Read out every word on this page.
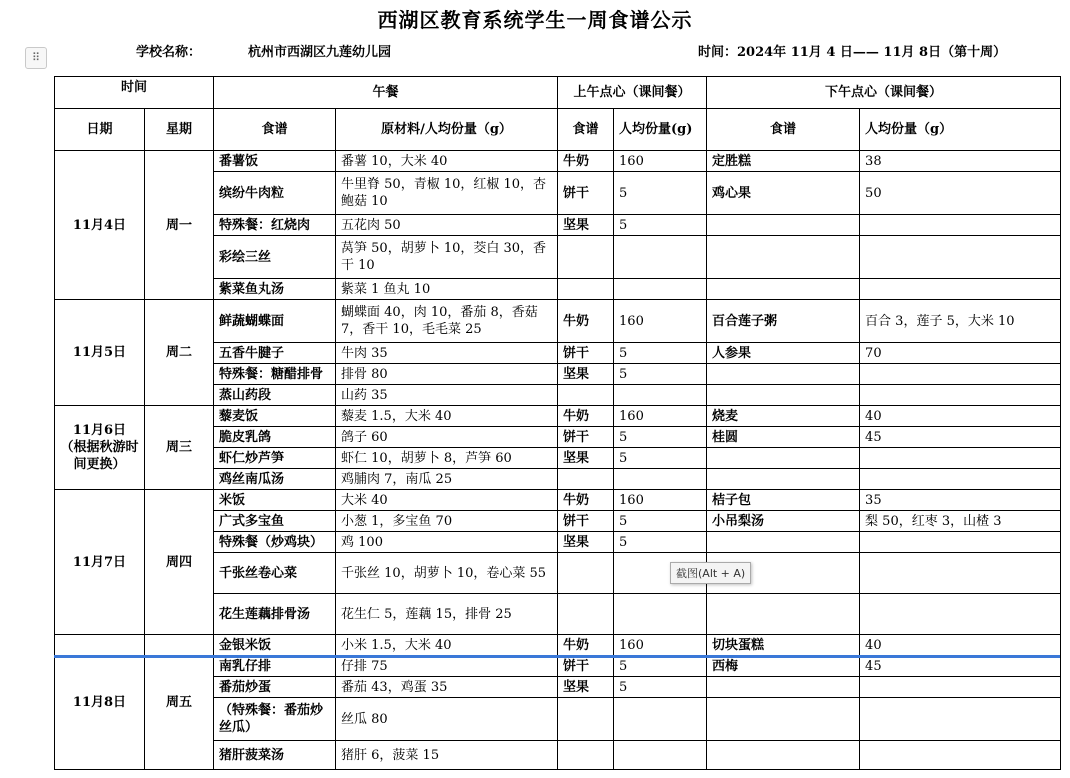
西湖区教育系统学生一周食谱公示
⠿	学校名称：	杭州市西湖区九莲幼儿园	时间：2024年 11月 4 日—— 11月 8日（第十周）
时间		午餐		上午点心（课间餐）		下午点心（课间餐）	
日期	星期	食谱	原材料/人均份量（g）	食谱	人均份量(g)	食谱	人均份量（g）
11月4日	周一	番薯饭	番薯 10，大米 40	牛奶	160	定胜糕	38
		缤纷牛肉粒	牛里脊 50，青椒 10，红椒 10，杏鲍菇 10	饼干	5	鸡心果	50
		特殊餐：红烧肉	五花肉 50	坚果	5		
		彩绘三丝	莴笋 50，胡萝卜 10，茭白 30，香干 10				
		紫菜鱼丸汤	紫菜 1 鱼丸 10				
11月5日	周二	鲜蔬蝴蝶面	蝴蝶面 40，肉 10，番茄 8，香菇 7，香干 10，毛毛菜 25	牛奶	160	百合莲子粥	百合 3，莲子 5，大米 10
		五香牛腱子	牛肉 35	饼干	5	人参果	70
		特殊餐：糖醋排骨	排骨 80	坚果	5		
		蒸山药段	山药 35				
11月6日（根据秋游时间更换）	周三	藜麦饭	藜麦 1.5，大米 40	牛奶	160	烧麦	40
		脆皮乳鸽	鸽子 60	饼干	5	桂圆	45
		虾仁炒芦笋	虾仁 10，胡萝卜 8，芦笋 60	坚果	5		
		鸡丝南瓜汤	鸡脯肉 7，南瓜 25				
11月7日	周四	米饭	大米 40	牛奶	160	桔子包	35
		广式多宝鱼	小葱 1，多宝鱼 70	饼干	5	小吊梨汤	梨 50，红枣 3，山楂 3
		特殊餐（炒鸡块）	鸡 100	坚果	5		
		千张丝卷心菜	千张丝 10，胡萝卜 10，卷心菜 55				
		花生莲藕排骨汤	花生仁 5，莲藕 15，排骨 25				
11月8日	周五	金银米饭	小米 1.5，大米 40	牛奶	160	切块蛋糕	40
		南乳仔排	仔排 75	饼干	5	西梅	45
		番茄炒蛋	番茄 43，鸡蛋 35	坚果	5		
		（特殊餐：番茄炒丝瓜）	丝瓜 80				
		猪肝菠菜汤	猪肝 6，菠菜 15				
截图(Alt + A)
